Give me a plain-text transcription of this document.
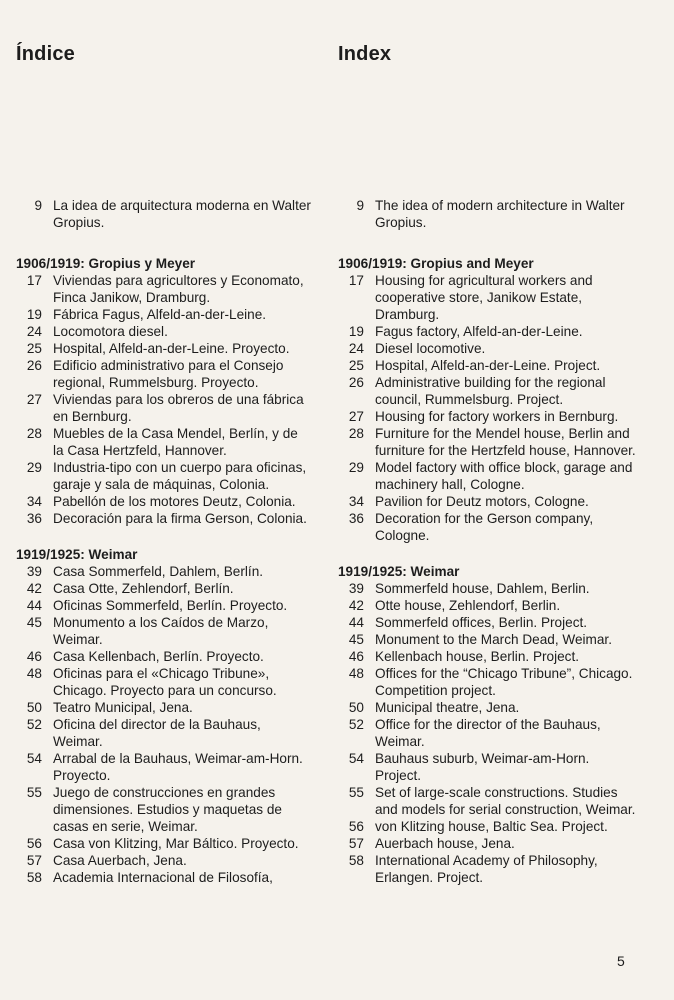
Índice
9 La idea de arquitectura moderna en Walter Gropius.
1906/1919: Gropius y Meyer
17 Viviendas para agricultores y Economato, Finca Janikow, Dramburg.
19 Fábrica Fagus, Alfeld-an-der-Leine.
24 Locomotora diesel.
25 Hospital, Alfeld-an-der-Leine. Proyecto.
26 Edificio administrativo para el Consejo regional, Rummelsburg. Proyecto.
27 Viviendas para los obreros de una fábrica en Bernburg.
28 Muebles de la Casa Mendel, Berlín, y de la Casa Hertzfeld, Hannover.
29 Industria-tipo con un cuerpo para oficinas, garaje y sala de máquinas, Colonia.
34 Pabellón de los motores Deutz, Colonia.
36 Decoración para la firma Gerson, Colonia.
1919/1925: Weimar
39 Casa Sommerfeld, Dahlem, Berlín.
42 Casa Otte, Zehlendorf, Berlín.
44 Oficinas Sommerfeld, Berlín. Proyecto.
45 Monumento a los Caídos de Marzo, Weimar.
46 Casa Kellenbach, Berlín. Proyecto.
48 Oficinas para el «Chicago Tribune», Chicago. Proyecto para un concurso.
50 Teatro Municipal, Jena.
52 Oficina del director de la Bauhaus, Weimar.
54 Arrabal de la Bauhaus, Weimar-am-Horn. Proyecto.
55 Juego de construcciones en grandes dimensiones. Estudios y maquetas de casas en serie, Weimar.
56 Casa von Klitzing, Mar Báltico. Proyecto.
57 Casa Auerbach, Jena.
58 Academia Internacional de Filosofía,
Index
9 The idea of modern architecture in Walter Gropius.
1906/1919: Gropius and Meyer
17 Housing for agricultural workers and cooperative store, Janikow Estate, Dramburg.
19 Fagus factory, Alfeld-an-der-Leine.
24 Diesel locomotive.
25 Hospital, Alfeld-an-der-Leine. Project.
26 Administrative building for the regional council, Rummelsburg. Project.
27 Housing for factory workers in Bernburg.
28 Furniture for the Mendel house, Berlin and furniture for the Hertzfeld house, Hannover.
29 Model factory with office block, garage and machinery hall, Cologne.
34 Pavilion for Deutz motors, Cologne.
36 Decoration for the Gerson company, Cologne.
1919/1925: Weimar
39 Sommerfeld house, Dahlem, Berlin.
42 Otte house, Zehlendorf, Berlin.
44 Sommerfeld offices, Berlin. Project.
45 Monument to the March Dead, Weimar.
46 Kellenbach house, Berlin. Project.
48 Offices for the “Chicago Tribune”, Chicago. Competition project.
50 Municipal theatre, Jena.
52 Office for the director of the Bauhaus, Weimar.
54 Bauhaus suburb, Weimar-am-Horn. Project.
55 Set of large-scale constructions. Studies and models for serial construction, Weimar.
56 von Klitzing house, Baltic Sea. Project.
57 Auerbach house, Jena.
58 International Academy of Philosophy, Erlangen. Project.
5
